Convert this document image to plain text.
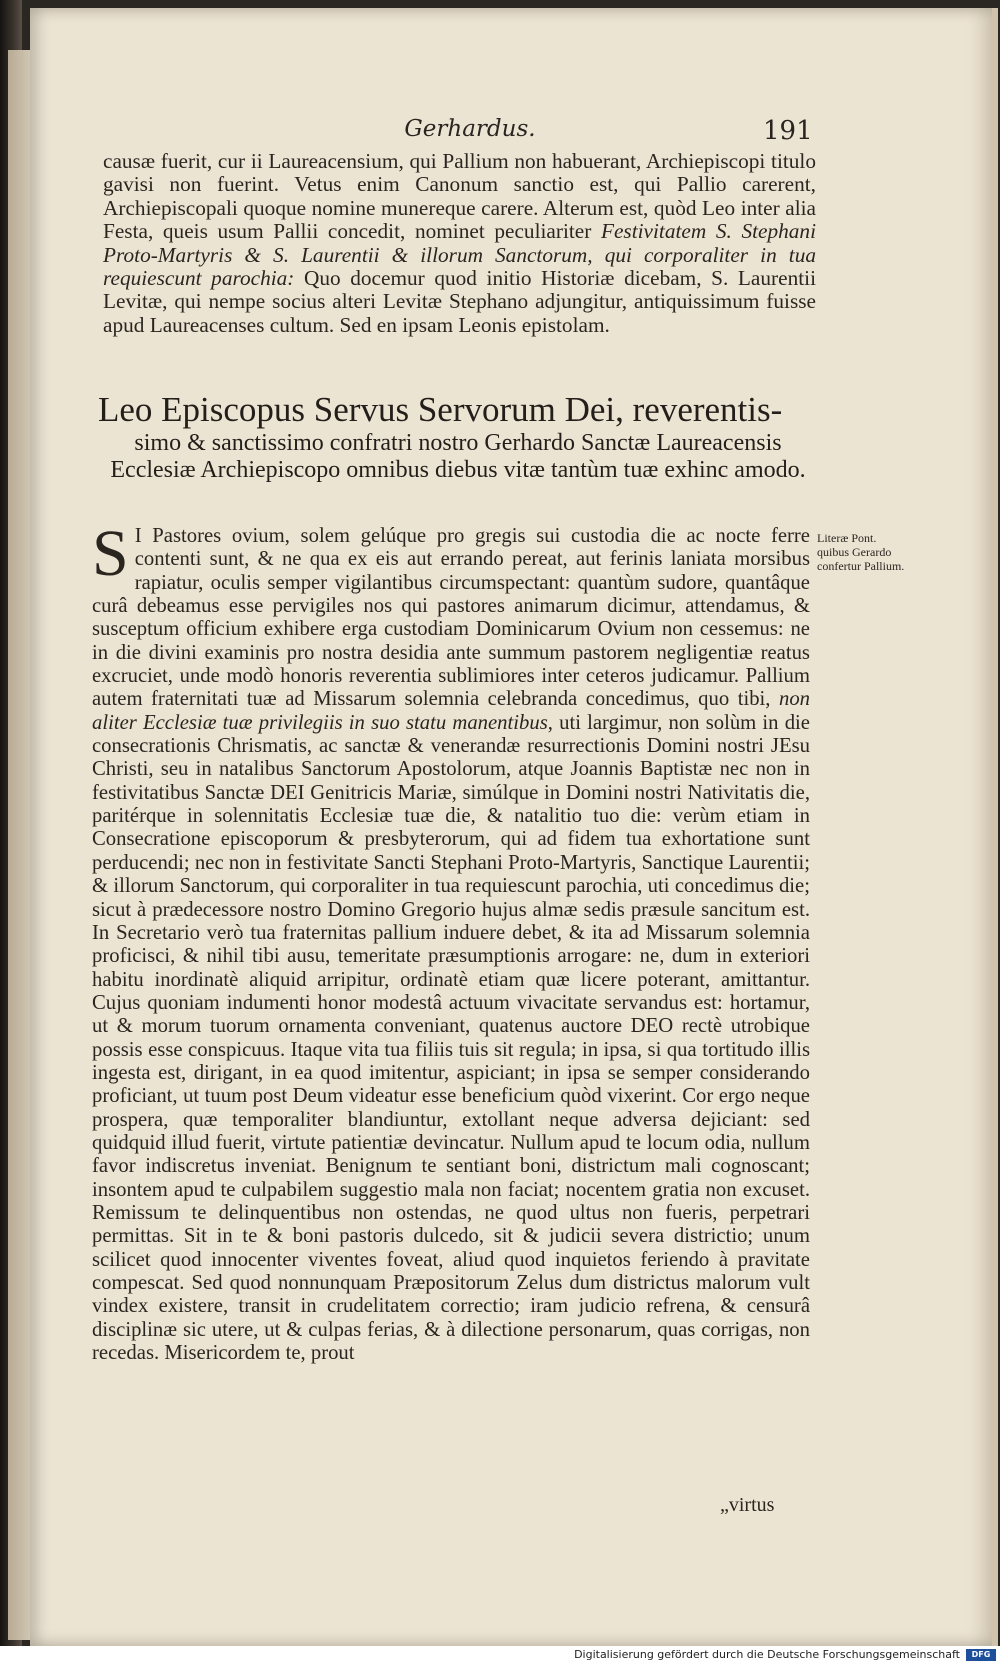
Gerhardus.	191

causæ fuerit, cur ii Laureacensium, qui Pallium non habuerant, Archiepiscopi titulo gavisi non fuerint. Vetus enim Canonum sanctio est, qui Pallio carerent, Archiepiscopali quoque nomine munereque carere. Alterum est, quòd Leo inter alia Festa, queis usum Pallii concedit, nominet peculiariter Festivitatem S. Stephani Proto-Martyris & S. Laurentii & illorum Sanctorum, qui corporaliter in tua requiescunt parochia: Quo docemur quod initio Historiæ dicebam, S. Laurentii Levitæ, qui nempe socius alteri Levitæ Stephano adjungitur, antiquissimum fuisse apud Laureacenses cultum. Sed en ipsam Leonis epistolam.

Leo Episcopus Servus Servorum Dei, reverentis-
simo & sanctissimo confratri nostro Gerhardo Sanctæ Laureacensis Ecclesiæ Archiepiscopo omnibus diebus vitæ tantùm tuæ exhinc amodo.
S I Pastores ovium, solem gelúque pro gregis sui custodia die ac nocte ferre contenti sunt, & ne qua ex eis aut errando pereat, aut ferinis laniata morsibus rapiatur, oculis semper vigilantibus circumspectant: quantùm sudore, quantâque curâ debeamus esse pervigiles nos qui pastores animarum dicimur, attendamus, & susceptum officium exhibere erga custodiam Dominicarum Ovium non cessemus: ne in die divini examinis pro nostra desidia ante summum pastorem negligentiæ reatus excruciet, unde modò honoris reverentia sublimiores inter ceteros judicamur. Pallium autem fraternitati tuæ ad Missarum solemnia celebranda concedimus, quo tibi, non aliter Ecclesiæ tuæ privilegiis in suo statu manentibus, uti largimur, non solùm in die consecrationis Chrismatis, ac sanctæ & venerandæ resurrectionis Domini nostri JEsu Christi, seu in natalibus Sanctorum Apostolorum, atque Joannis Baptistæ nec non in festivitatibus Sanctæ DEI Genitricis Mariæ, simúlque in Domini nostri Nativitatis die, paritérque in solennitatis Ecclesiæ tuæ die, & natalitio tuo die: verùm etiam in Consecratione episcoporum & presbyterorum, qui ad fidem tua exhortatione sunt perducendi; nec non in festivitate Sancti Stephani Proto-Martyris, Sanctique Laurentii; & illorum Sanctorum, qui corporaliter in tua requiescunt parochia, uti concedimus die; sicut à prædecessore nostro Domino Gregorio hujus almæ sedis præsule sancitum est. In Secretario verò tua fraternitas pallium induere debet, & ita ad Missarum solemnia proficisci, & nihil tibi ausu, temeritate præsumptionis arrogare: ne, dum in exteriori habitu inordinatè aliquid arripitur, ordinatè etiam quæ licere poterant, amittantur. Cujus quoniam indumenti honor modestâ actuum vivacitate servandus est: hortamur, ut & morum tuorum ornamenta conveniant, quatenus auctore DEO rectè utrobique possis esse conspicuus. Itaque vita tua filiis tuis sit regula; in ipsa, si qua tortitudo illis ingesta est, dirigant, in ea quod imitentur, aspiciant; in ipsa se semper considerando proficiant, ut tuum post Deum videatur esse beneficium quòd vixerint. Cor ergo neque prospera, quæ temporaliter blandiuntur, extollant neque adversa dejiciant: sed quidquid illud fuerit, virtute patientiæ devincatur. Nullum apud te locum odia, nullum favor indiscretus inveniat. Benignum te sentiant boni, districtum mali cognoscant; insontem apud te culpabilem suggestio mala non faciat; nocentem gratia non excuset. Remissum te delinquentibus non ostendas, ne quod ultus non fueris, perpetrari permittas. Sit in te & boni pastoris dulcedo, sit & judicii severa districtio; unum scilicet quod innocenter viventes foveat, aliud quod inquietos feriendo à pravitate compescat. Sed quod nonnunquam Præpositorum Zelus dum districtus malorum vult vindex existere, transit in crudelitatem correctio; iram judicio refrena, & censurâ disciplinæ sic utere, ut & culpas ferias, & à dilectione personarum, quas corrigas, non recedas. Misericordem te, prout
„virtus
Literæ Pont. quibus Gerardo confertur Pallium.
Digitalisierung gefördert durch die Deutsche Forschungsgemeinschaft	DFG
